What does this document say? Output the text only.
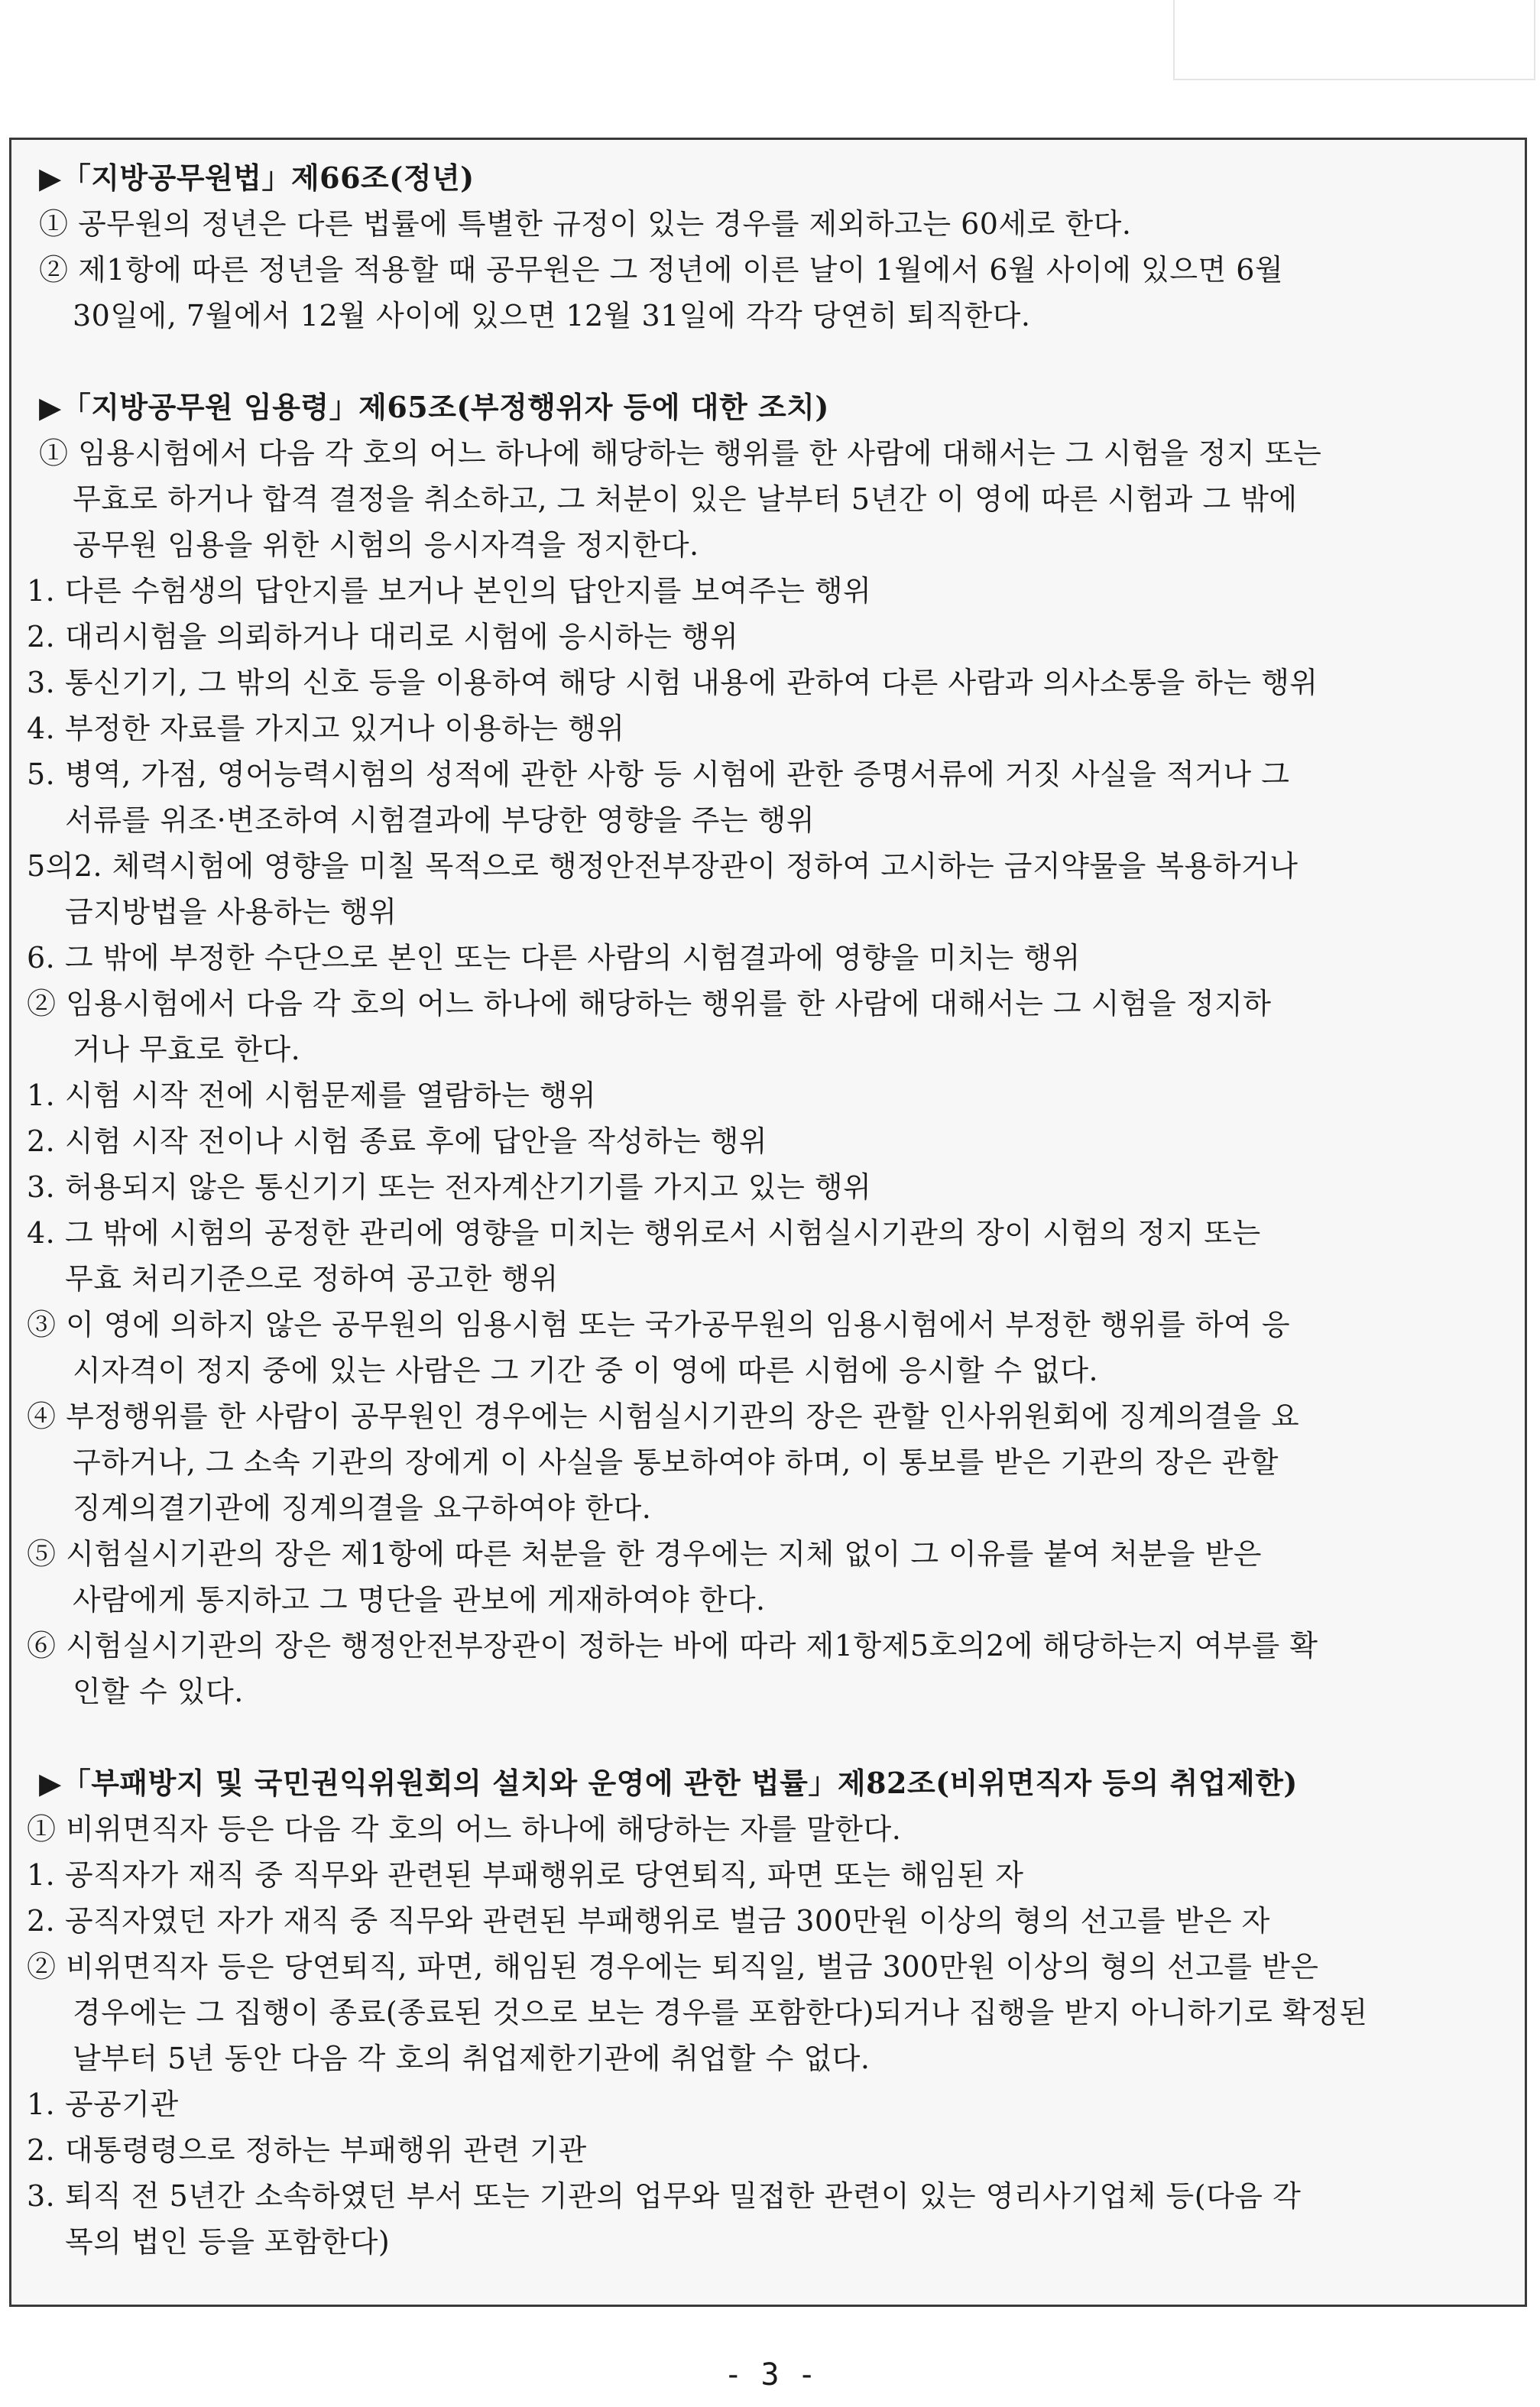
▶「지방공무원법」제66조(정년)
① 공무원의 정년은 다른 법률에 특별한 규정이 있는 경우를 제외하고는 60세로 한다.
② 제1항에 따른 정년을 적용할 때 공무원은 그 정년에 이른 날이 1월에서 6월 사이에 있으면 6월
30일에, 7월에서 12월 사이에 있으면 12월 31일에 각각 당연히 퇴직한다.
▶「지방공무원 임용령」제65조(부정행위자 등에 대한 조치)
① 임용시험에서 다음 각 호의 어느 하나에 해당하는 행위를 한 사람에 대해서는 그 시험을 정지 또는
무효로 하거나 합격 결정을 취소하고, 그 처분이 있은 날부터 5년간 이 영에 따른 시험과 그 밖에
공무원 임용을 위한 시험의 응시자격을 정지한다.
1. 다른 수험생의 답안지를 보거나 본인의 답안지를 보여주는 행위
2. 대리시험을 의뢰하거나 대리로 시험에 응시하는 행위
3. 통신기기, 그 밖의 신호 등을 이용하여 해당 시험 내용에 관하여 다른 사람과 의사소통을 하는 행위
4. 부정한 자료를 가지고 있거나 이용하는 행위
5. 병역, 가점, 영어능력시험의 성적에 관한 사항 등 시험에 관한 증명서류에 거짓 사실을 적거나 그
서류를 위조·변조하여 시험결과에 부당한 영향을 주는 행위
5의2. 체력시험에 영향을 미칠 목적으로 행정안전부장관이 정하여 고시하는 금지약물을 복용하거나
금지방법을 사용하는 행위
6. 그 밖에 부정한 수단으로 본인 또는 다른 사람의 시험결과에 영향을 미치는 행위
② 임용시험에서 다음 각 호의 어느 하나에 해당하는 행위를 한 사람에 대해서는 그 시험을 정지하
거나 무효로 한다.
1. 시험 시작 전에 시험문제를 열람하는 행위
2. 시험 시작 전이나 시험 종료 후에 답안을 작성하는 행위
3. 허용되지 않은 통신기기 또는 전자계산기기를 가지고 있는 행위
4. 그 밖에 시험의 공정한 관리에 영향을 미치는 행위로서 시험실시기관의 장이 시험의 정지 또는
무효 처리기준으로 정하여 공고한 행위
③ 이 영에 의하지 않은 공무원의 임용시험 또는 국가공무원의 임용시험에서 부정한 행위를 하여 응
시자격이 정지 중에 있는 사람은 그 기간 중 이 영에 따른 시험에 응시할 수 없다.
④ 부정행위를 한 사람이 공무원인 경우에는 시험실시기관의 장은 관할 인사위원회에 징계의결을 요
구하거나, 그 소속 기관의 장에게 이 사실을 통보하여야 하며, 이 통보를 받은 기관의 장은 관할
징계의결기관에 징계의결을 요구하여야 한다.
⑤ 시험실시기관의 장은 제1항에 따른 처분을 한 경우에는 지체 없이 그 이유를 붙여 처분을 받은
사람에게 통지하고 그 명단을 관보에 게재하여야 한다.
⑥ 시험실시기관의 장은 행정안전부장관이 정하는 바에 따라 제1항제5호의2에 해당하는지 여부를 확
인할 수 있다.
▶「부패방지 및 국민권익위원회의 설치와 운영에 관한 법률」제82조(비위면직자 등의 취업제한)
① 비위면직자 등은 다음 각 호의 어느 하나에 해당하는 자를 말한다.
1. 공직자가 재직 중 직무와 관련된 부패행위로 당연퇴직, 파면 또는 해임된 자
2. 공직자였던 자가 재직 중 직무와 관련된 부패행위로 벌금 300만원 이상의 형의 선고를 받은 자
② 비위면직자 등은 당연퇴직, 파면, 해임된 경우에는 퇴직일, 벌금 300만원 이상의 형의 선고를 받은
경우에는 그 집행이 종료(종료된 것으로 보는 경우를 포함한다)되거나 집행을 받지 아니하기로 확정된
날부터 5년 동안 다음 각 호의 취업제한기관에 취업할 수 없다.
1. 공공기관
2. 대통령령으로 정하는 부패행위 관련 기관
3. 퇴직 전 5년간 소속하였던 부서 또는 기관의 업무와 밀접한 관련이 있는 영리사기업체 등(다음 각
목의 법인 등을 포함한다)
- 3 -
